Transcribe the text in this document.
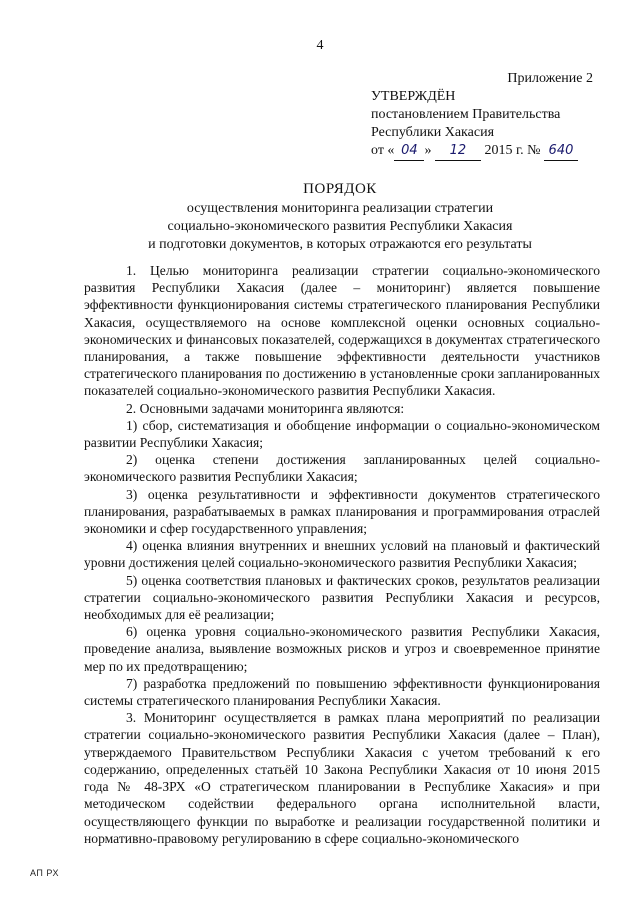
4
Приложение 2
УТВЕРЖДЁН
постановлением Правительства
Республики Хакасия
от « 04 » 12 2015 г. № 640
ПОРЯДОК
осуществления мониторинга реализации стратегии
социально-экономического развития Республики Хакасия
и подготовки документов, в которых отражаются его результаты

1. Целью мониторинга реализации стратегии социально-экономического развития Республики Хакасия (далее – мониторинг) является повышение эффективности функционирования системы стратегического планирования Республики Хакасия, осуществляемого на основе комплексной оценки основных социально-экономических и финансовых показателей, содержащихся в документах стратегического планирования, а также повышение эффективности деятельности участников стратегического планирования по достижению в установленные сроки запланированных показателей социально-экономического развития Республики Хакасия.

2. Основными задачами мониторинга являются:

1) сбор, систематизация и обобщение информации о социально-экономическом развитии Республики Хакасия;

2) оценка степени достижения запланированных целей социально-экономического развития Республики Хакасия;

3) оценка результативности и эффективности документов стратегического планирования, разрабатываемых в рамках планирования и программирования отраслей экономики и сфер государственного управления;

4) оценка влияния внутренних и внешних условий на плановый и фактический уровни достижения целей социально-экономического развития Республики Хакасия;

5) оценка соответствия плановых и фактических сроков, результатов реализации стратегии социально-экономического развития Республики Хакасия и ресурсов, необходимых для её реализации;

6) оценка уровня социально-экономического развития Республики Хакасия, проведение анализа, выявление возможных рисков и угроз и своевременное принятие мер по их предотвращению;

7) разработка предложений по повышению эффективности функционирования системы стратегического планирования Республики Хакасия.

3. Мониторинг осуществляется в рамках плана мероприятий по реализации стратегии социально-экономического развития Республики Хакасия (далее – План), утверждаемого Правительством Республики Хакасия с учетом требований к его содержанию, определенных статьёй 10 Закона Республики Хакасия от 10 июня 2015 года № 48-ЗРХ «О стратегическом планировании в Республике Хакасия» и при методическом содействии федерального органа исполнительной власти, осуществляющего функции по выработке и реализации государственной политики и нормативно-правовому регулированию в сфере социально-экономического

АП РХ
